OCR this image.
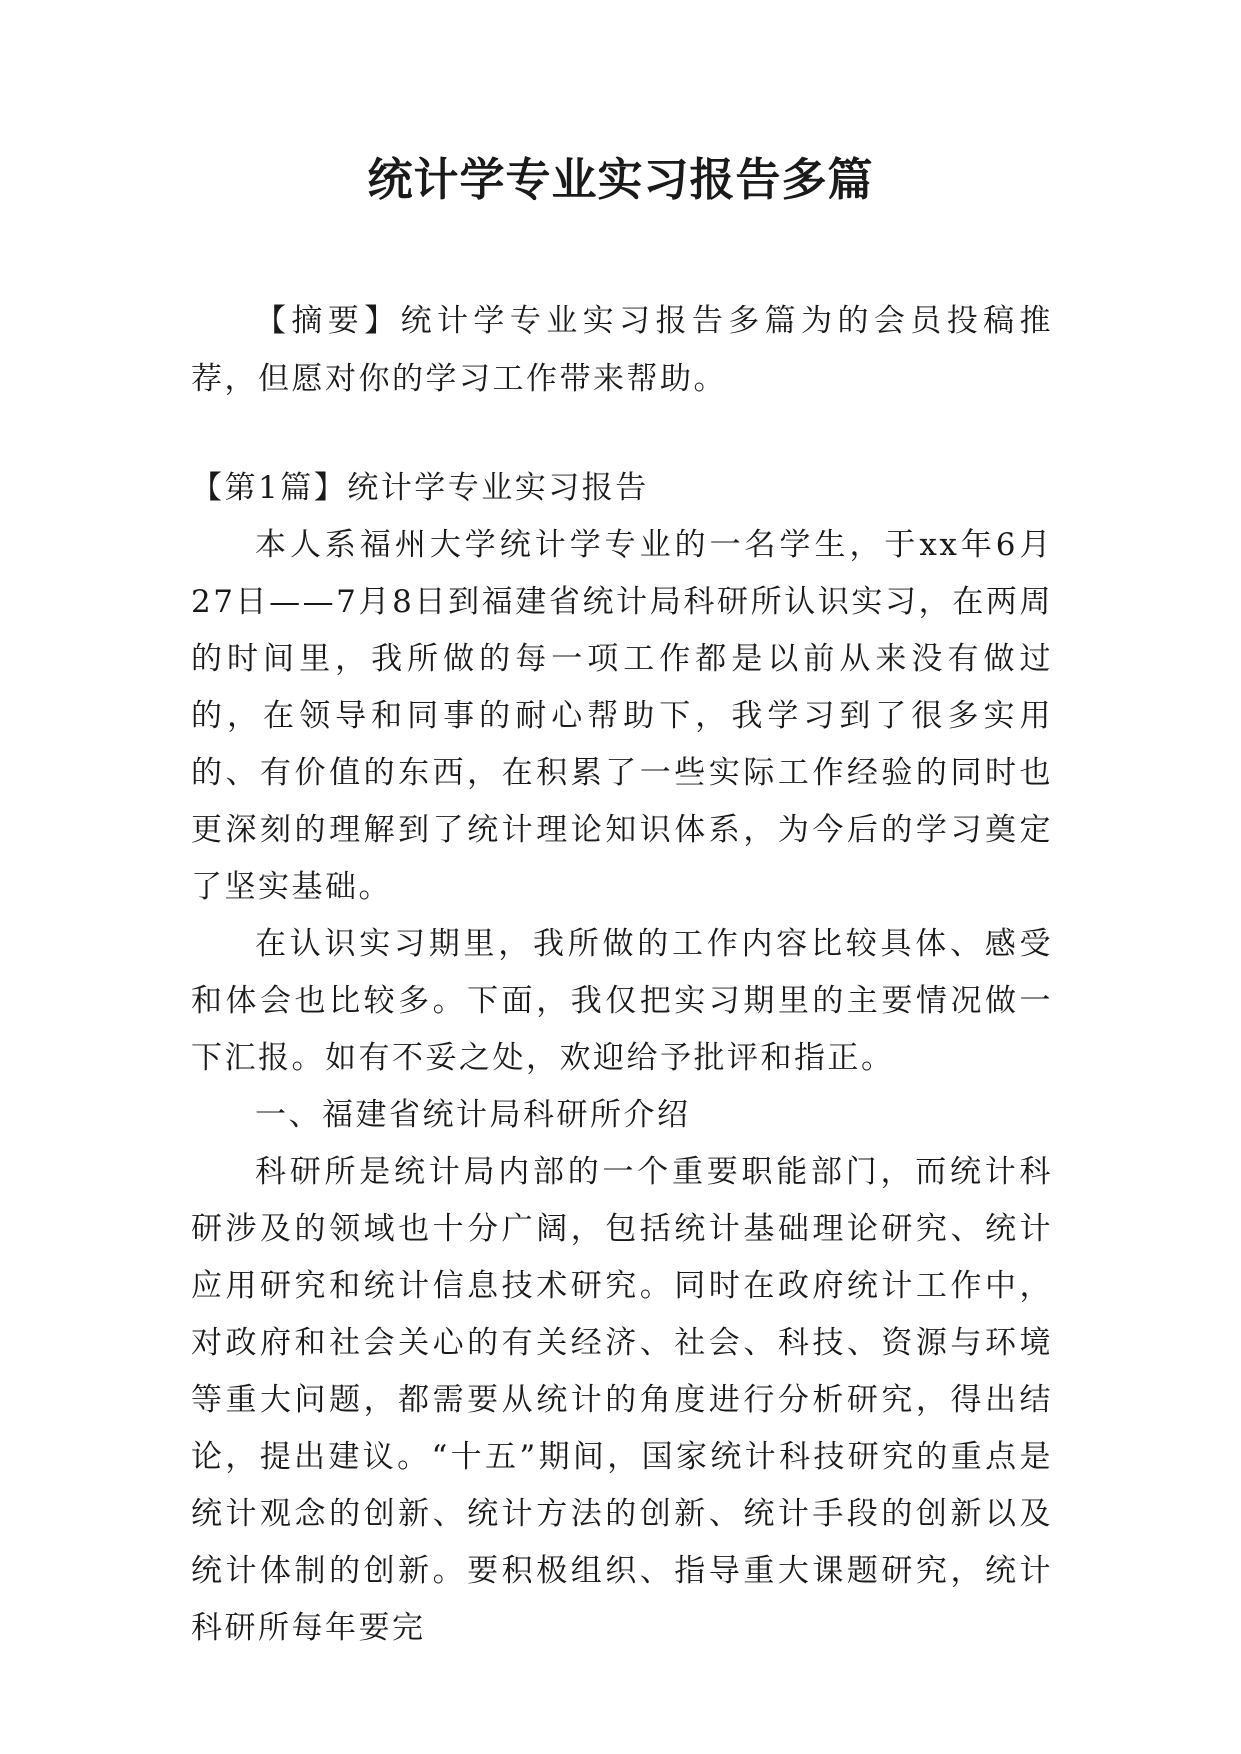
统计学专业实习报告多篇

【摘要】统计学专业实习报告多篇为的会员投稿推荐，但愿对你的学习工作带来帮助。

【第1篇】统计学专业实习报告

本人系福州大学统计学专业的一名学生，于xx年6月27日——7月8日到福建省统计局科研所认识实习，在两周的时间里，我所做的每一项工作都是以前从来没有做过的，在领导和同事的耐心帮助下，我学习到了很多实用的、有价值的东西，在积累了一些实际工作经验的同时也更深刻的理解到了统计理论知识体系，为今后的学习奠定了坚实基础。

在认识实习期里，我所做的工作内容比较具体、感受和体会也比较多。下面，我仅把实习期里的主要情况做一下汇报。如有不妥之处，欢迎给予批评和指正。

一、福建省统计局科研所介绍

科研所是统计局内部的一个重要职能部门，而统计科研涉及的领域也十分广阔，包括统计基础理论研究、统计应用研究和统计信息技术研究。同时在政府统计工作中，对政府和社会关心的有关经济、社会、科技、资源与环境等重大问题，都需要从统计的角度进行分析研究，得出结论，提出建议。“十五”期间，国家统计科技研究的重点是统计观念的创新、统计方法的创新、统计手段的创新以及统计体制的创新。要积极组织、指导重大课题研究，统计科研所每年要完
